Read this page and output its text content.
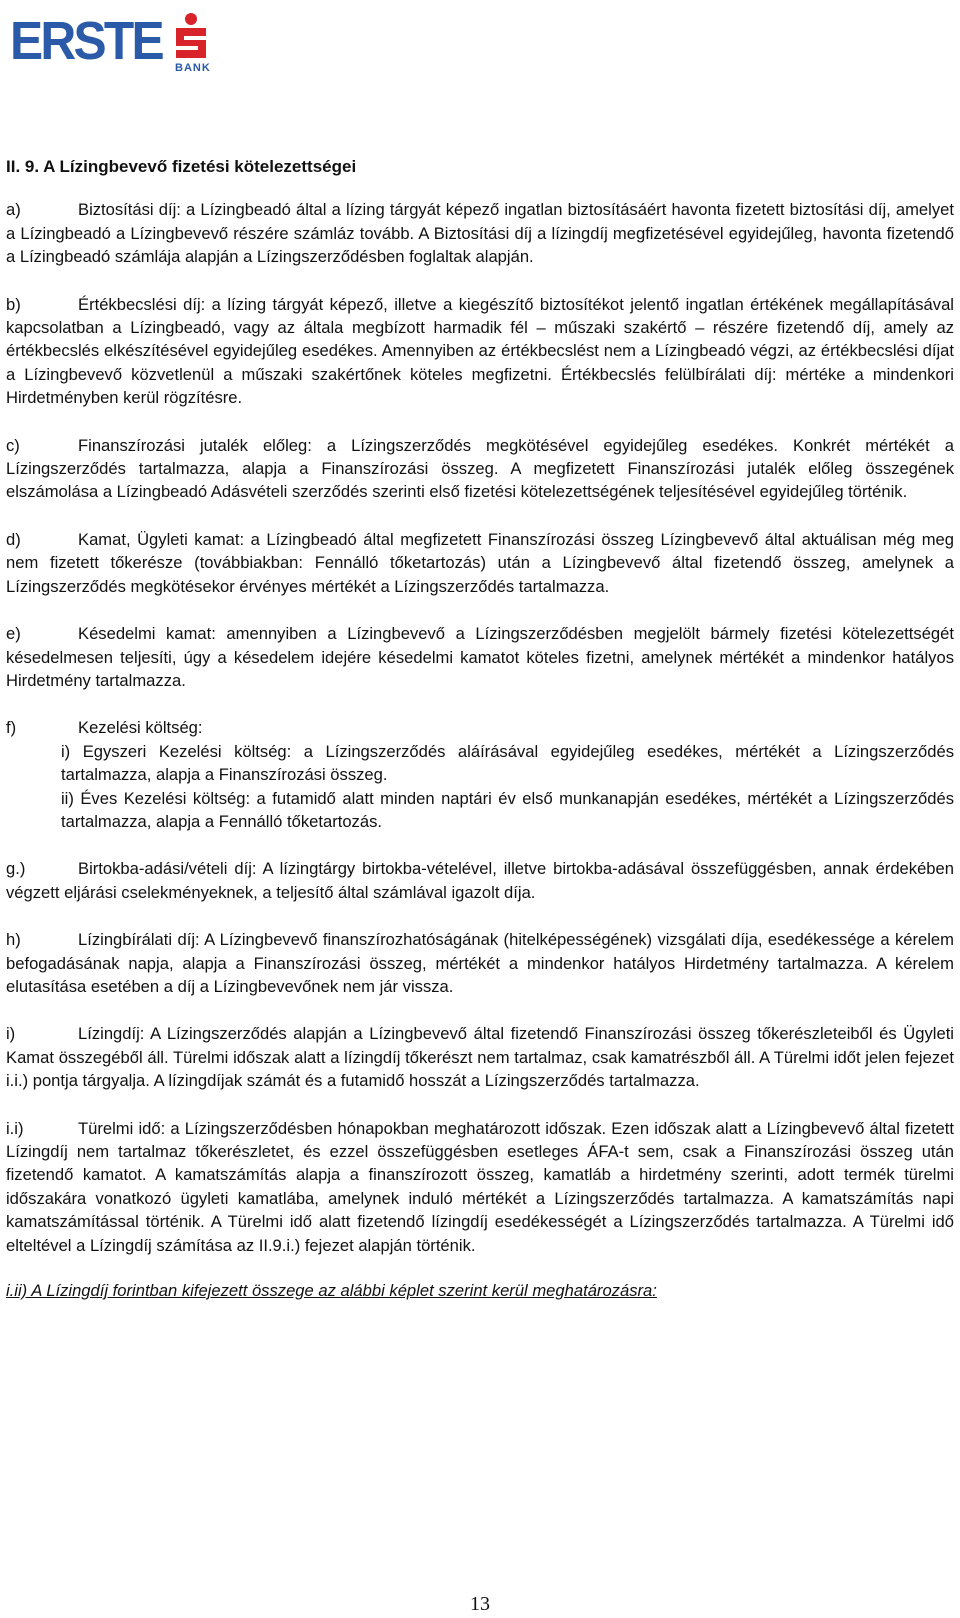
ERSTE BANK
II. 9. A Lízingbevevő fizetési kötelezettségei
a)	Biztosítási díj: a Lízingbeadó által a lízing tárgyát képező ingatlan biztosításáért havonta fizetett biztosítási díj, amelyet a Lízingbeadó a Lízingbevevő részére számláz tovább. A Biztosítási díj a lízingdíj megfizetésével egyidejűleg, havonta fizetendő a Lízingbeadó számlája alapján a Lízingszerződésben foglaltak alapján.
b)	Értékbecslési díj: a lízing tárgyát képező, illetve a kiegészítő biztosítékot jelentő ingatlan értékének megállapításával kapcsolatban a Lízingbeadó, vagy az általa megbízott harmadik fél – műszaki szakértő – részére fizetendő díj, amely az értékbecslés elkészítésével egyidejűleg esedékes. Amennyiben az értékbecslést nem a Lízingbeadó végzi, az értékbecslési díjat a Lízingbevevő közvetlenül a műszaki szakértőnek köteles megfizetni. Értékbecslés felülbírálati díj: mértéke a mindenkori Hirdetményben kerül rögzítésre.
c)	Finanszírozási jutalék előleg: a Lízingszerződés megkötésével egyidejűleg esedékes. Konkrét mértékét a Lízingszerződés tartalmazza, alapja a Finanszírozási összeg. A megfizetett Finanszírozási jutalék előleg összegének elszámolása a Lízingbeadó Adásvételi szerződés szerinti első fizetési kötelezettségének teljesítésével egyidejűleg történik.
d)	Kamat, Ügyleti kamat: a Lízingbeadó által megfizetett Finanszírozási összeg Lízingbevevő által aktuálisan még meg nem fizetett tőkerésze (továbbiakban: Fennálló tőketartozás) után a Lízingbevevő által fizetendő összeg, amelynek a Lízingszerződés megkötésekor érvényes mértékét a Lízingszerződés tartalmazza.
e)	Késedelmi kamat: amennyiben a Lízingbevevő a Lízingszerződésben megjelölt bármely fizetési kötelezettségét késedelmesen teljesíti, úgy a késedelem idejére késedelmi kamatot köteles fizetni, amelynek mértékét a mindenkor hatályos Hirdetmény tartalmazza.
f)	Kezelési költség:
i) Egyszeri Kezelési költség: a Lízingszerződés aláírásával egyidejűleg esedékes, mértékét a Lízingszerződés tartalmazza, alapja a Finanszírozási összeg.
ii) Éves Kezelési költség: a futamidő alatt minden naptári év első munkanapján esedékes, mértékét a Lízingszerződés tartalmazza, alapja a Fennálló tőketartozás.
g.)	Birtokba-adási/vételi díj: A lízingtárgy birtokba-vételével, illetve birtokba-adásával összefüggésben, annak érdekében végzett eljárási cselekményeknek, a teljesítő által számlával igazolt díja.
h)	Lízingbírálati díj: A Lízingbevevő finanszírozhatóságának (hitelképességének) vizsgálati díja, esedékessége a kérelem befogadásának napja, alapja a Finanszírozási összeg, mértékét a mindenkor hatályos Hirdetmény tartalmazza. A kérelem elutasítása esetében a díj a Lízingbevevőnek nem jár vissza.
i)	Lízingdíj: A Lízingszerződés alapján a Lízingbevevő által fizetendő Finanszírozási összeg tőkerészleteiből és Ügyleti Kamat összegéből áll. Türelmi időszak alatt a lízingdíj tőkerészt nem tartalmaz, csak kamatrészből áll. A Türelmi időt jelen fejezet i.i.) pontja tárgyalja. A lízingdíjak számát és a futamidő hosszát a Lízingszerződés tartalmazza.
i.i)	Türelmi idő: a Lízingszerződésben hónapokban meghatározott időszak. Ezen időszak alatt a Lízingbevevő által fizetett Lízingdíj nem tartalmaz tőkerészletet, és ezzel összefüggésben esetleges ÁFA-t sem, csak a Finanszírozási összeg után fizetendő kamatot. A kamatszámítás alapja a finanszírozott összeg, kamatláb a hirdetmény szerinti, adott termék türelmi időszakára vonatkozó ügyleti kamatlába, amelynek induló mértékét a Lízingszerződés tartalmazza. A kamatszámítás napi kamatszámítással történik. A Türelmi idő alatt fizetendő lízingdíj esedékességét a Lízingszerződés tartalmazza. A Türelmi idő elteltével a Lízingdíj számítása az II.9.i.) fejezet alapján történik.
i.ii) A Lízingdíj forintban kifejezett összege az alábbi képlet szerint kerül meghatározásra:
13
